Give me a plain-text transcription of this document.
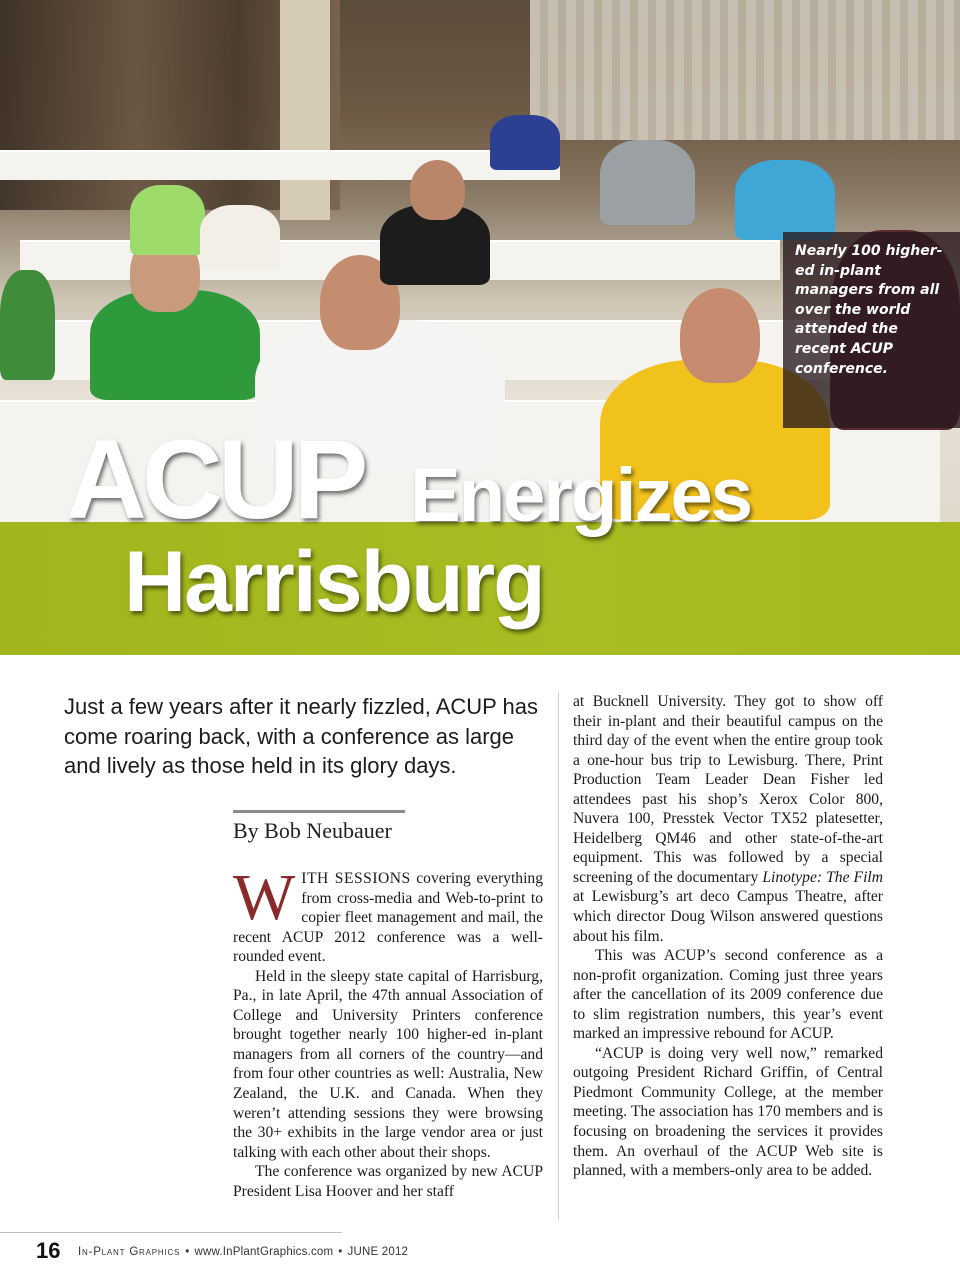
Nearly 100 higher-ed in-plant managers from all over the world attended the recent ACUP conference.
ACUP Energizes
Harrisburg
Just a few years after it nearly fizzled, ACUP has come roaring back, with a conference as large and lively as those held in its glory days.
By Bob Neubauer

WITH SESSIONS covering everything from cross-media and Web-to-print to copier fleet management and mail, the recent ACUP 2012 conference was a well-rounded event.

Held in the sleepy state capital of Harrisburg, Pa., in late April, the 47th annual Association of College and University Printers conference brought together nearly 100 higher-ed in-plant managers from all corners of the country—and from four other countries as well: Australia, New Zealand, the U.K. and Canada. When they weren’t attending sessions they were browsing the 30+ exhibits in the large vendor area or just talking with each other about their shops.

The conference was organized by new ACUP President Lisa Hoover and her staff

at Bucknell University. They got to show off their in-plant and their beautiful campus on the third day of the event when the entire group took a one-hour bus trip to Lewisburg. There, Print Production Team Leader Dean Fisher led attendees past his shop’s Xerox Color 800, Nuvera 100, Presstek Vector TX52 platesetter, Heidelberg QM46 and other state-of-the-art equipment. This was followed by a special screening of the documentary Linotype: The Film at Lewisburg’s art deco Campus Theatre, after which director Doug Wilson answered questions about his film.

This was ACUP’s second conference as a non-profit organization. Coming just three years after the cancellation of its 2009 conference due to slim registration numbers, this year’s event marked an impressive rebound for ACUP.

“ACUP is doing very well now,” remarked outgoing President Richard Griffin, of Central Piedmont Community College, at the member meeting. The association has 170 members and is focusing on broadening the services it provides them. An overhaul of the ACUP Web site is planned, with a members-only area to be added.

16 In-Plant Graphics • www.InPlantGraphics.com • JUNE 2012
